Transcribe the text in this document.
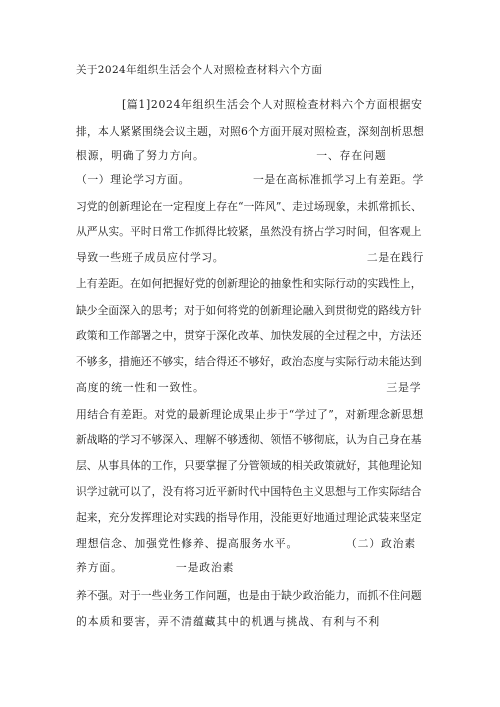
关于2024年组织生活会个人对照检查材料六个方面
　　　　[篇1]2024年组织生活会个人对照检查材料六个方面根据安
排，本人紧紧围绕会议主题，对照6个方面开展对照检查，深刻剖析思想
根源，明确了努力方向。　　　　　　　　　　一、存在问题
（一）理论学习方面。　　　　　　一是在高标准抓学习上有差距。学
习党的创新理论在一定程度上存在“一阵风”、走过场现象，未抓常抓长、
从严从实。平时日常工作抓得比较紧，虽然没有挤占学习时间，但客观上
导致一些班子成员应付学习。　　　　　　　　　　　　　二是在践行
上有差距。在如何把握好党的创新理论的抽象性和实际行动的实践性上，
缺少全面深入的思考；对于如何将党的创新理论融入到贯彻党的路线方针
政策和工作部署之中，贯穿于深化改革、加快发展的全过程之中，方法还
不够多，措施还不够实，结合得还不够好，政治态度与实际行动未能达到
高度的统一性和一致性。　　　　　　　　　　　　　　　　三是学
用结合有差距。对党的最新理论成果止步于“学过了”，对新理念新思想
新战略的学习不够深入、理解不够透彻、领悟不够彻底，认为自己身在基
层、从事具体的工作，只要掌握了分管领域的相关政策就好，其他理论知
识学过就可以了，没有将习近平新时代中国特色主义思想与工作实际结合
起来，充分发挥理论对实践的指导作用，没能更好地通过理论武装来坚定
理想信念、加强党性修养、提高服务水平。　　　　　（二）政治素
养方面。　　　　　一是政治素
养不强。对于一些业务工作问题，也是由于缺少政治能力，而抓不住问题
的本质和要害，弄不清蕴藏其中的机遇与挑战、有利与不利
